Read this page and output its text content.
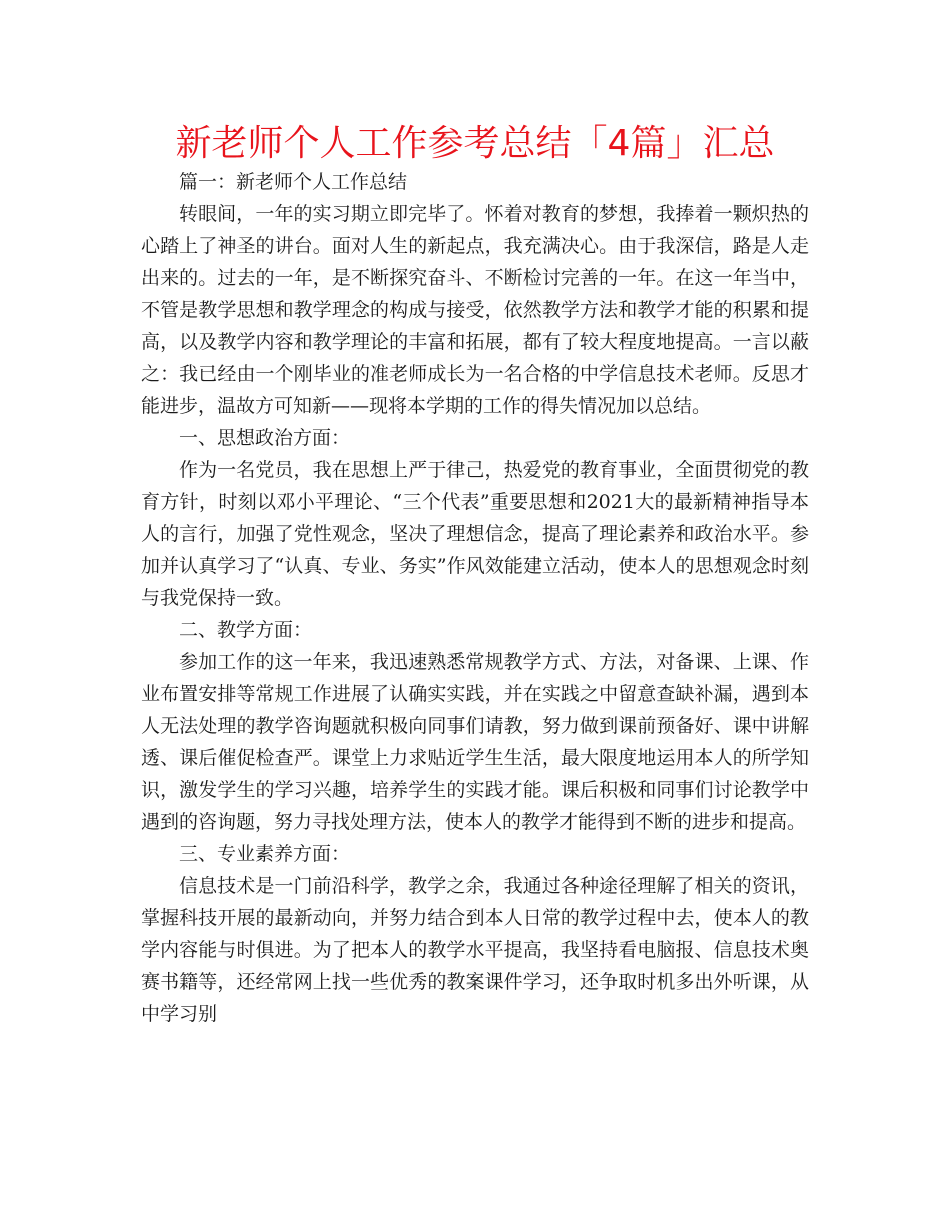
新老师个人工作参考总结「4篇」汇总

篇一：新老师个人工作总结

转眼间，一年的实习期立即完毕了。怀着对教育的梦想，我捧着一颗炽热的心踏上了神圣的讲台。面对人生的新起点，我充满决心。由于我深信，路是人走出来的。过去的一年，是不断探究奋斗、不断检讨完善的一年。在这一年当中，不管是教学思想和教学理念的构成与接受，依然教学方法和教学才能的积累和提高，以及教学内容和教学理论的丰富和拓展，都有了较大程度地提高。一言以蔽之：我已经由一个刚毕业的准老师成长为一名合格的中学信息技术老师。反思才能进步，温故方可知新——现将本学期的工作的得失情况加以总结。

一、思想政治方面：

作为一名党员，我在思想上严于律己，热爱党的教育事业，全面贯彻党的教育方针，时刻以邓小平理论、“三个代表”重要思想和2021大的最新精神指导本人的言行，加强了党性观念，坚决了理想信念，提高了理论素养和政治水平。参加并认真学习了“认真、专业、务实”作风效能建立活动，使本人的思想观念时刻与我党保持一致。

二、教学方面：

参加工作的这一年来，我迅速熟悉常规教学方式、方法，对备课、上课、作业布置安排等常规工作进展了认确实实践，并在实践之中留意查缺补漏，遇到本人无法处理的教学咨询题就积极向同事们请教，努力做到课前预备好、课中讲解透、课后催促检查严。课堂上力求贴近学生生活，最大限度地运用本人的所学知识，激发学生的学习兴趣，培养学生的实践才能。课后积极和同事们讨论教学中遇到的咨询题，努力寻找处理方法，使本人的教学才能得到不断的进步和提高。

三、专业素养方面：

信息技术是一门前沿科学，教学之余，我通过各种途径理解了相关的资讯，掌握科技开展的最新动向，并努力结合到本人日常的教学过程中去，使本人的教学内容能与时俱进。为了把本人的教学水平提高，我坚持看电脑报、信息技术奥赛书籍等，还经常网上找一些优秀的教案课件学习，还争取时机多出外听课，从中学习别
